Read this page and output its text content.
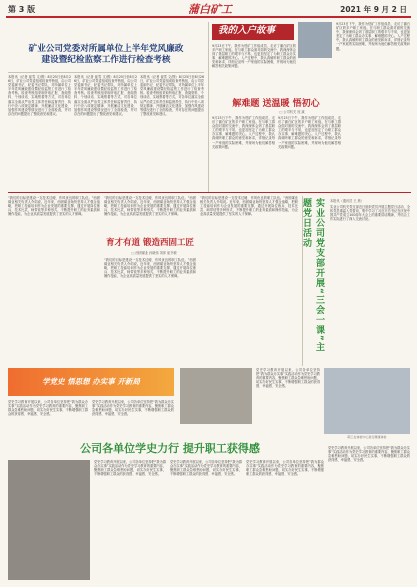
第 3 版	蒲白矿工	2021 年 9 月 2 日
矿业公司党委对所属单位上半年党风廉政
建设暨纪检监察工作进行检查考核
本报讯（记者 崔雪 文/图）8月25日至8月26日，矿业公司党委组成检查考核组，由公司党委副书记、纪委书记带队，对所属单位上半年党风廉政建设暨纪检监察工作进行了检查考核。检查考核组采取听取汇报、查阅资料、个别谈话、实地察看等方式，对各单位落实全面从严治党主体责任和监督责任、执行中央八项规定精神、开展廉洁文化建设、加强作风建设等情况进行了全面检查，并对存在的问题提出了整改意见和建议。
本报讯（记者 崔雪 文/图）8月25日至8月26日，矿业公司党委组成检查考核组，由公司党委副书记、纪委书记带队，对所属单位上半年党风廉政建设暨纪检监察工作进行了检查考核。检查考核组采取听取汇报、查阅资料、个别谈话、实地察看等方式，对各单位落实全面从严治党主体责任和监督责任、执行中央八项规定精神、开展廉洁文化建设、加强作风建设等情况进行了全面检查，并对存在的问题提出了整改意见和建议。
本报讯（记者 崔雪 文/图）8月25日至8月26日，矿业公司党委组成检查考核组，由公司党委副书记、纪委书记带队，对所属单位上半年党风廉政建设暨纪检监察工作进行了检查考核。检查考核组采取听取汇报、查阅资料、个别谈话、实地察看等方式，对各单位落实全面从严治党主体责任和监督责任、执行中央八项规定精神、开展廉洁文化建设、加强作风建设等情况进行了全面检查，并对存在的问题提出了整改意见和建议。
我的入户故事
9月23日下午，我作为驻矿工作组成员，走访了蒲白矿区的多户职工家庭。在与职工群众面对面的交流中，我深深体会到了基层职工的艰辛与不易，也更加坚定了为职工群众办实事、解难题的决心。入户过程中，我认真倾听职工群众的意见和诉求，详细记录每一户家庭的实际困难，并现场为他们解答相关政策问题。
解难题 送温暖 悟初心
□ 公司机关 庞 斌
9月23日下午，我作为驻矿工作组成员，走访了蒲白矿区的多户职工家庭。在与职工群众面对面的交流中，我深深体会到了基层职工的艰辛与不易，也更加坚定了为职工群众办实事、解难题的决心。入户过程中，我认真倾听职工群众的意见和诉求，详细记录每一户家庭的实际困难，并现场为他们解答相关政策问题。
9月23日下午，我作为驻矿工作组成员，走访了蒲白矿区的多户职工家庭。在与职工群众面对面的交流中，我深深体会到了基层职工的艰辛与不易，也更加坚定了为职工群众办实事、解难题的决心。入户过程中，我认真倾听职工群众的意见和诉求，详细记录每一户家庭的实际困难，并现场为他们解答相关政策问题。
9月23日下午，我作为驻矿工作组成员，走访了蒲白矿区的多户职工家庭。在与职工群众面对面的交流中，我深深体会到了基层职工的艰辛与不易，也更加坚定了为职工群众办实事、解难题的决心。入户过程中，我认真倾听职工群众的意见和诉求，详细记录每一户家庭的实际困难，并现场为他们解答相关政策问题。
“我们的目标是建设一支技术过硬、作风优良的职工队伍。”西固煤业相关负责人介绍说。近年来，西固煤业始终坚持人才强企战略，把职工技能培训作为企业发展的重要支撑，通过开展岗位练兵、技术比武、师带徒等多种形式，不断提升职工的业务素质和操作技能，为企业高质量发展提供了坚实的人才保障。
“我们的目标是建设一支技术过硬、作风优良的职工队伍。”西固煤业相关负责人介绍说。近年来，西固煤业始终坚持人才强企战略，把职工技能培训作为企业发展的重要支撑，通过开展岗位练兵、技术比武、师带徒等多种形式，不断提升职工的业务素质和操作技能，为企业高质量发展提供了坚实的人才保障。
育才有道 锻造西固工匠
□ 西固煤业 孙晓伟 刘萍 崔书敏
“我们的目标是建设一支技术过硬、作风优良的职工队伍。”西固煤业相关负责人介绍说。近年来，西固煤业始终坚持人才强企战略，把职工技能培训作为企业发展的重要支撑，通过开展岗位练兵、技术比武、师带徒等多种形式，不断提升职工的业务素质和操作技能，为企业高质量发展提供了坚实的人才保障。
“我们的目标是建设一支技术过硬、作风优良的职工队伍。”西固煤业相关负责人介绍说。近年来，西固煤业始终坚持人才强企战略，把职工技能培训作为企业发展的重要支撑，通过开展岗位练兵、技术比武、师带徒等多种形式，不断提升职工的业务素质和操作技能，为企业高质量发展提供了坚实的人才保障。	实业公司党支部开展“三会一课”主题党日活动	本报讯（通讯员 王 晨）
实业公司机关党支部近日组织党员开展主题党日活动，全体党员重温入党誓词，集中学习了习近平总书记在庆祝中国共产党成立100周年大会上的重要讲话精神，并结合工作实际进行了深入交流讨论。
学党史 悟思想 办实事 开新局
党史学习教育开展以来，公司各单位坚持把“我为群众办实事”实践活动作为党史学习教育的重要内容，聚焦职工群众急难愁盼问题，切实办好民生实事，不断增强职工群众的获得感、幸福感、安全感。
党史学习教育开展以来，公司各单位坚持把“我为群众办实事”实践活动作为党史学习教育的重要内容，聚焦职工群众急难愁盼问题，切实办好民生实事，不断增强职工群众的获得感、幸福感、安全感。
党史学习教育开展以来，公司各单位坚持把“我为群众办实事”实践活动作为党史学习教育的重要内容，聚焦职工群众急难愁盼问题，切实办好民生实事，不断增强职工群众的获得感、幸福感、安全感。
职工在体检中心进行健康体检
公司各单位学史力行 提升职工获得感
党史学习教育开展以来，公司各单位坚持把“我为群众办实事”实践活动作为党史学习教育的重要内容，聚焦职工群众急难愁盼问题，切实办好民生实事，不断增强职工群众的获得感、幸福感、安全感。
党史学习教育开展以来，公司各单位坚持把“我为群众办实事”实践活动作为党史学习教育的重要内容，聚焦职工群众急难愁盼问题，切实办好民生实事，不断增强职工群众的获得感、幸福感、安全感。
党史学习教育开展以来，公司各单位坚持把“我为群众办实事”实践活动作为党史学习教育的重要内容，聚焦职工群众急难愁盼问题，切实办好民生实事，不断增强职工群众的获得感、幸福感、安全感。
党史学习教育开展以来，公司各单位坚持把“我为群众办实事”实践活动作为党史学习教育的重要内容，聚焦职工群众急难愁盼问题，切实办好民生实事，不断增强职工群众的获得感、幸福感、安全感。
